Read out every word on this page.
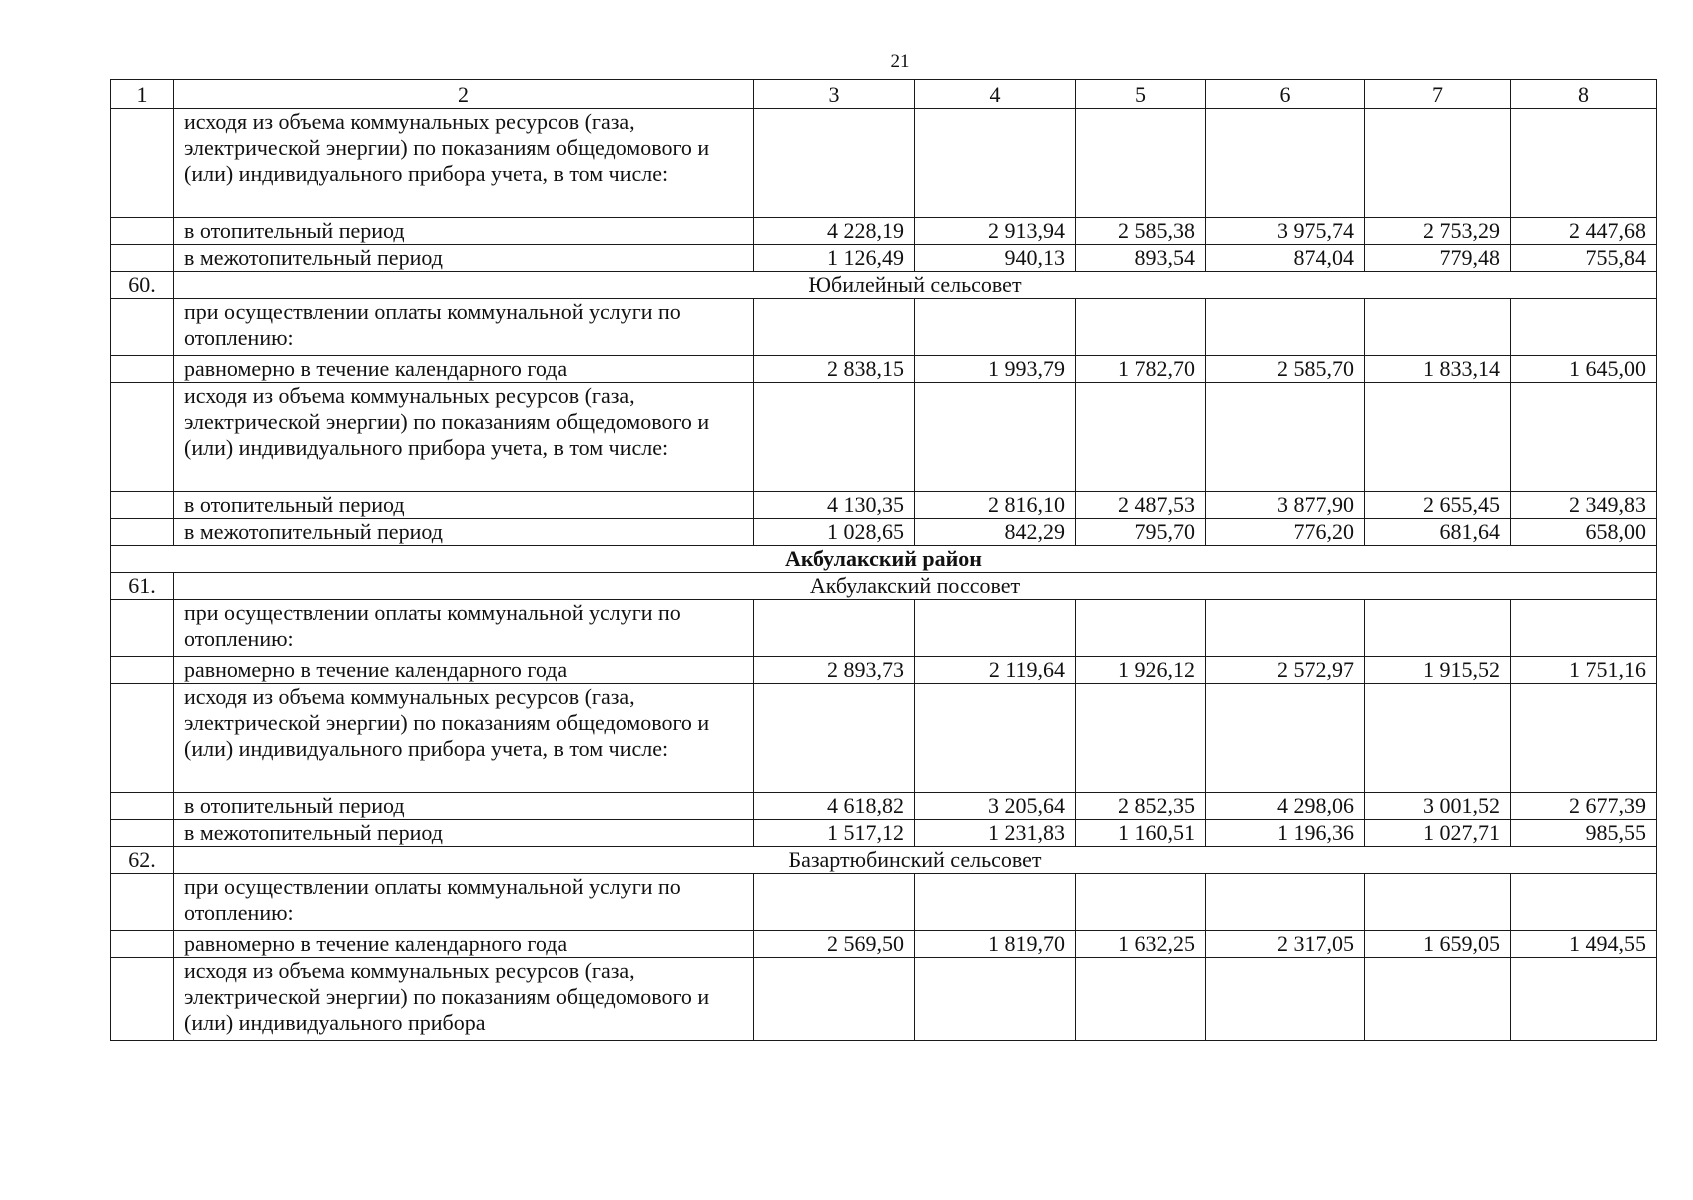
21
1	2	3	4	5	6	7	8
	исходя из объема коммунальных ресурсов (газа, электрической энергии) по показаниям общедомового и (или) индивидуального прибора учета, в том числе:						
	в отопительный период	4 228,19	2 913,94	2 585,38	3 975,74	2 753,29	2 447,68
	в межотопительный период	1 126,49	940,13	893,54	874,04	779,48	755,84
60.	Юбилейный сельсовет						
	при осуществлении оплаты коммунальной услуги по отоплению:						
	равномерно в течение календарного года	2 838,15	1 993,79	1 782,70	2 585,70	1 833,14	1 645,00
	исходя из объема коммунальных ресурсов (газа, электрической энергии) по показаниям общедомового и (или) индивидуального прибора учета, в том числе:						
	в отопительный период	4 130,35	2 816,10	2 487,53	3 877,90	2 655,45	2 349,83
	в межотопительный период	1 028,65	842,29	795,70	776,20	681,64	658,00
Акбулакский район							
61.	Акбулакский поссовет						
	при осуществлении оплаты коммунальной услуги по отоплению:						
	равномерно в течение календарного года	2 893,73	2 119,64	1 926,12	2 572,97	1 915,52	1 751,16
	исходя из объема коммунальных ресурсов (газа, электрической энергии) по показаниям общедомового и (или) индивидуального прибора учета, в том числе:						
	в отопительный период	4 618,82	3 205,64	2 852,35	4 298,06	3 001,52	2 677,39
	в межотопительный период	1 517,12	1 231,83	1 160,51	1 196,36	1 027,71	985,55
62.	Базартюбинский сельсовет						
	при осуществлении оплаты коммунальной услуги по отоплению:						
	равномерно в течение календарного года	2 569,50	1 819,70	1 632,25	2 317,05	1 659,05	1 494,55
	исходя из объема коммунальных ресурсов (газа, электрической энергии) по показаниям общедомового и (или) индивидуального прибора						
